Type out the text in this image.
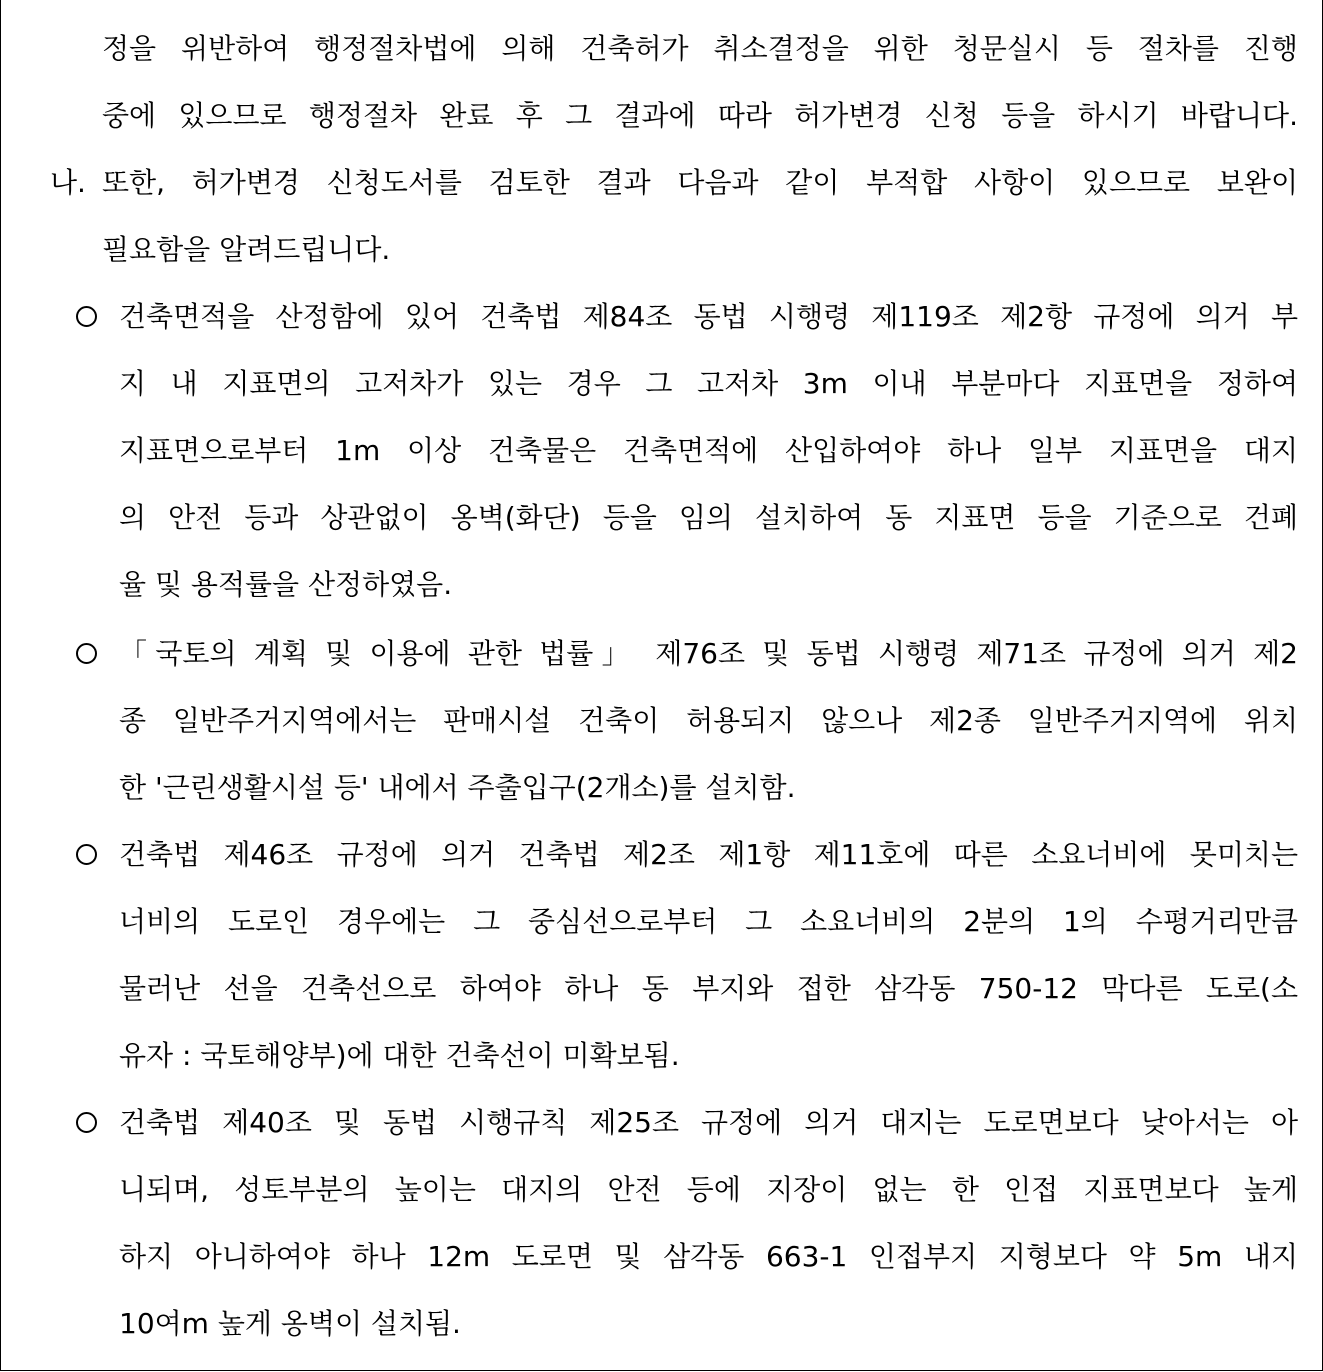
정을 위반하여 행정절차법에 의해 건축허가 취소결정을 위한 청문실시 등 절차를 진행
중에 있으므로 행정절차 완료 후 그 결과에 따라 허가변경 신청 등을 하시기 바랍니다.
나. 또한, 허가변경 신청도서를 검토한 결과 다음과 같이 부적합 사항이 있으므로 보완이
필요함을 알려드립니다.
건축면적을 산정함에 있어 건축법 제84조 동법 시행령 제119조 제2항 규정에 의거 부
지 내 지표면의 고저차가 있는 경우 그 고저차 3m 이내 부분마다 지표면을 정하여
지표면으로부터 1m 이상 건축물은 건축면적에 산입하여야 하나 일부 지표면을 대지
의 안전 등과 상관없이 옹벽(화단) 등을 임의 설치하여 동 지표면 등을 기준으로 건폐
율 및 용적률을 산정하였음.
「국토의 계획 및 이용에 관한 법률」 제76조 및 동법 시행령 제71조 규정에 의거 제2
종 일반주거지역에서는 판매시설 건축이 허용되지 않으나 제2종 일반주거지역에 위치
한 '근린생활시설 등' 내에서 주출입구(2개소)를 설치함.
건축법 제46조 규정에 의거 건축법 제2조 제1항 제11호에 따른 소요너비에 못미치는
너비의 도로인 경우에는 그 중심선으로부터 그 소요너비의 2분의 1의 수평거리만큼
물러난 선을 건축선으로 하여야 하나 동 부지와 접한 삼각동 750-12 막다른 도로(소
유자 : 국토해양부)에 대한 건축선이 미확보됨.
건축법 제40조 및 동법 시행규칙 제25조 규정에 의거 대지는 도로면보다 낮아서는 아
니되며, 성토부분의 높이는 대지의 안전 등에 지장이 없는 한 인접 지표면보다 높게
하지 아니하여야 하나 12m 도로면 및 삼각동 663-1 인접부지 지형보다 약 5m 내지
10여m 높게 옹벽이 설치됨.
